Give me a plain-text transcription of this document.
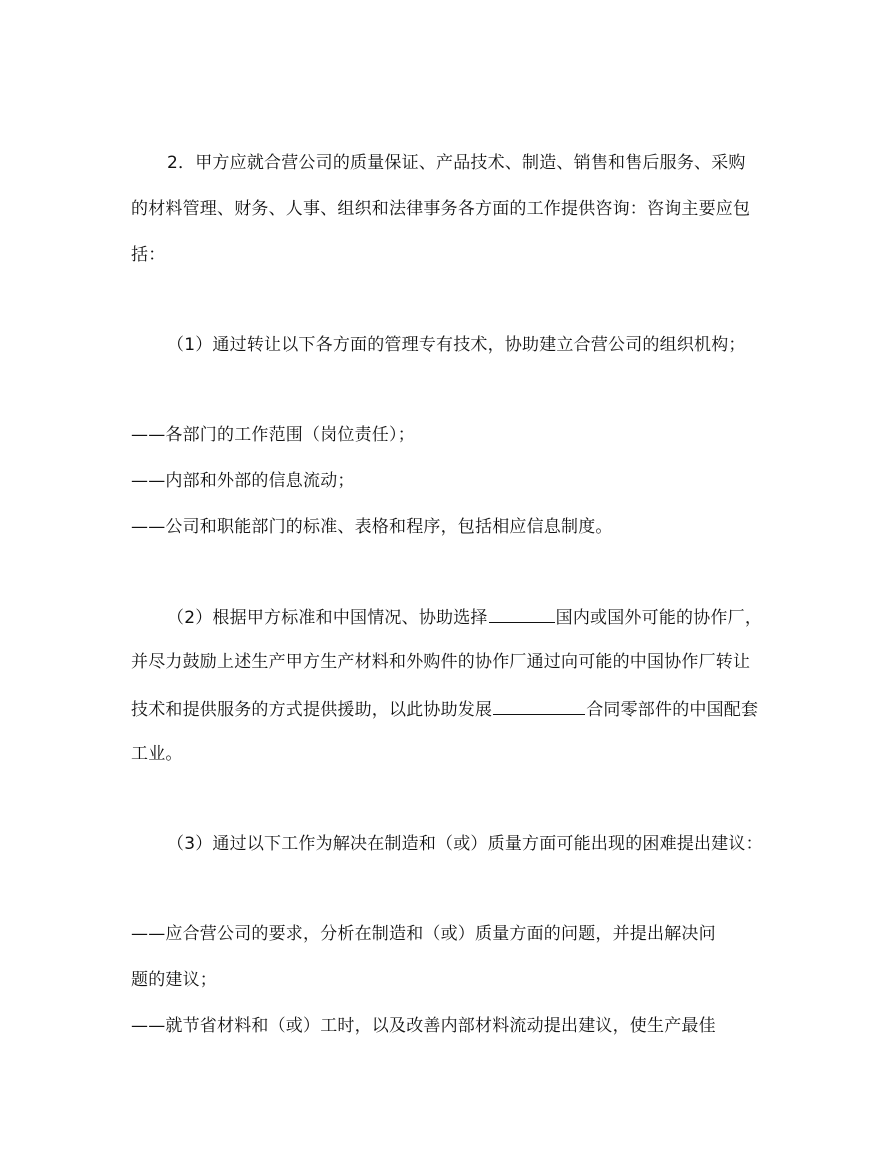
2．甲方应就合营公司的质量保证、产品技术、制造、销售和售后服务、采购
的材料管理、财务、人事、组织和法律事务各方面的工作提供咨询：咨询主要应包
括：
（1）通过转让以下各方面的管理专有技术，协助建立合营公司的组织机构；
——各部门的工作范围（岗位责任）；
——内部和外部的信息流动；
——公司和职能部门的标准、表格和程序，包括相应信息制度。
（2）根据甲方标准和中国情况、协助选择	国内或国外可能的协作厂，
并尽力鼓励上述生产甲方生产材料和外购件的协作厂通过向可能的中国协作厂转让
技术和提供服务的方式提供援助，以此协助发展	合同零部件的中国配套
工业。
（3）通过以下工作为解决在制造和（或）质量方面可能出现的困难提出建议：
——应合营公司的要求，分析在制造和（或）质量方面的问题，并提出解决问
题的建议；
——就节省材料和（或）工时，以及改善内部材料流动提出建议，使生产最佳
